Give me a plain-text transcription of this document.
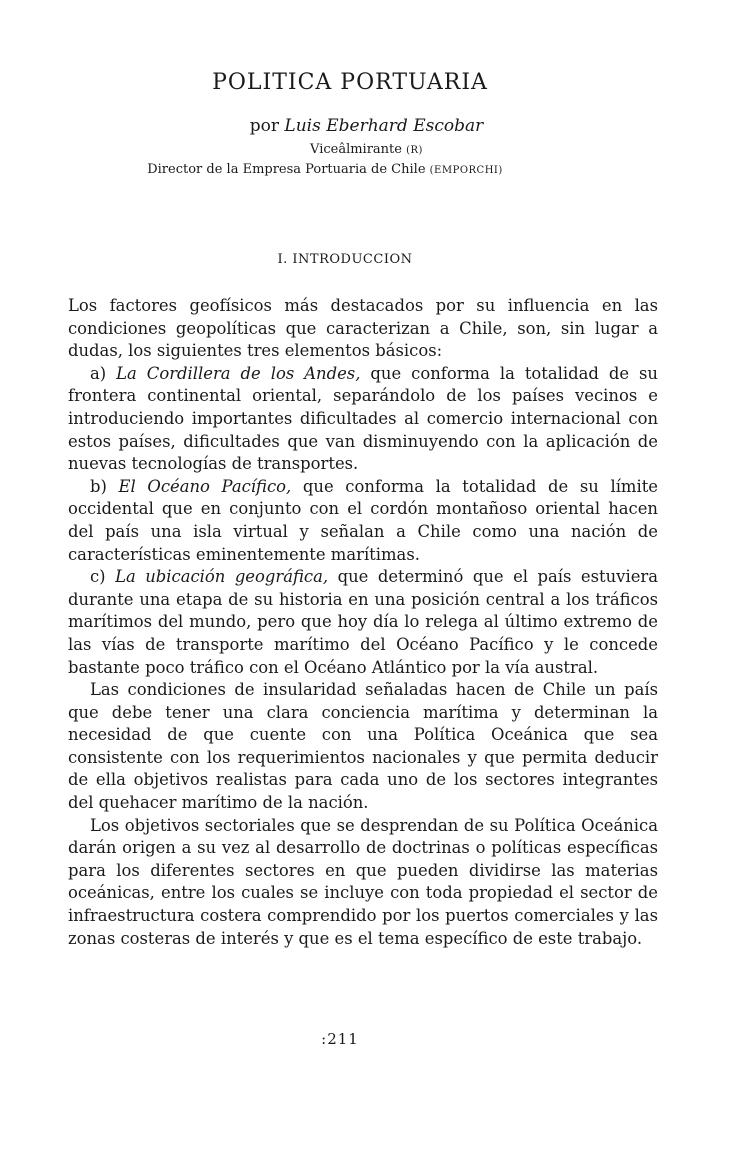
POLITICA PORTUARIA
por Luis Eberhard Escobar
Viceâlmirante (R)
Director de la Empresa Portuaria de Chile (EMPORCHI)
I. INTRODUCCION

Los factores geofísicos más destacados por su influencia en las condiciones geopolíticas que caracterizan a Chile, son, sin lugar a dudas, los siguientes tres elementos básicos:

a) La Cordillera de los Andes, que conforma la totalidad de su frontera continental oriental, separándolo de los países vecinos e introduciendo importantes dificultades al comercio internacional con estos países, dificultades que van disminuyendo con la aplicación de nuevas tecnologías de transportes.

b) El Océano Pacífico, que conforma la totalidad de su límite occidental que en conjunto con el cordón montañoso oriental hacen del país una isla virtual y señalan a Chile como una nación de características eminentemente marítimas.

c) La ubicación geográfica, que determinó que el país estuviera durante una etapa de su historia en una posición central a los tráficos marítimos del mundo, pero que hoy día lo relega al último extremo de las vías de transporte marítimo del Océano Pacífico y le concede bastante poco tráfico con el Océano Atlántico por la vía austral.

Las condiciones de insularidad señaladas hacen de Chile un país que debe tener una clara conciencia marítima y determinan la necesidad de que cuente con una Política Oceánica que sea consistente con los requerimientos nacionales y que permita deducir de ella objetivos realistas para cada uno de los sectores integrantes del quehacer marítimo de la nación.

Los objetivos sectoriales que se desprendan de su Política Oceánica darán origen a su vez al desarrollo de doctrinas o políticas específicas para los diferentes sectores en que pueden dividirse las materias oceánicas, entre los cuales se incluye con toda propiedad el sector de infraestructura costera comprendido por los puertos comerciales y las zonas costeras de interés y que es el tema específico de este trabajo.

:211
